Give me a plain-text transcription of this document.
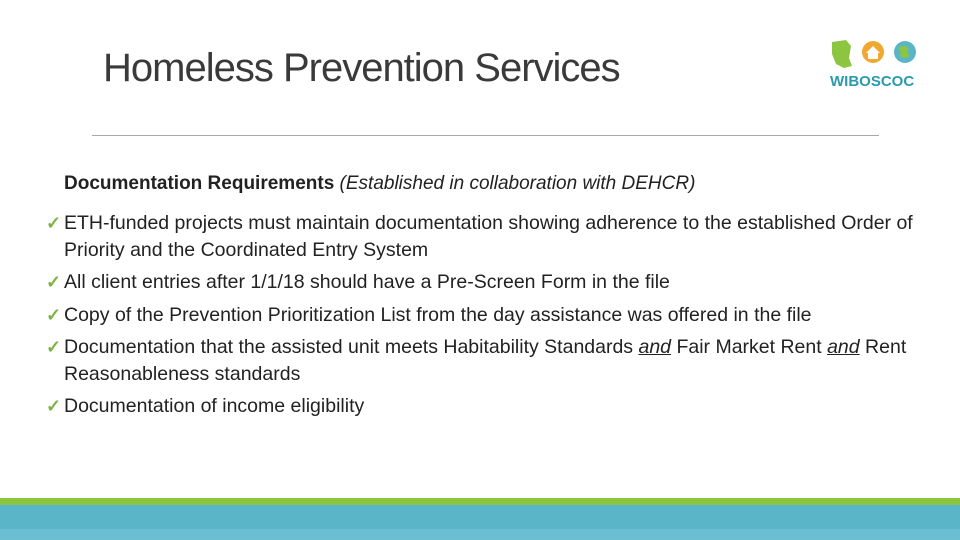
Homeless Prevention Services	WIBOSCOC
Documentation Requirements (Established in collaboration with DEHCR)
✓ ETH-funded projects must maintain documentation showing adherence to the established Order of Priority and the Coordinated Entry System
✓ All client entries after 1/1/18 should have a Pre-Screen Form in the file
✓ Copy of the Prevention Prioritization List from the day assistance was offered in the file
✓ Documentation that the assisted unit meets Habitability Standards and Fair Market Rent and Rent Reasonableness standards
✓ Documentation of income eligibility
